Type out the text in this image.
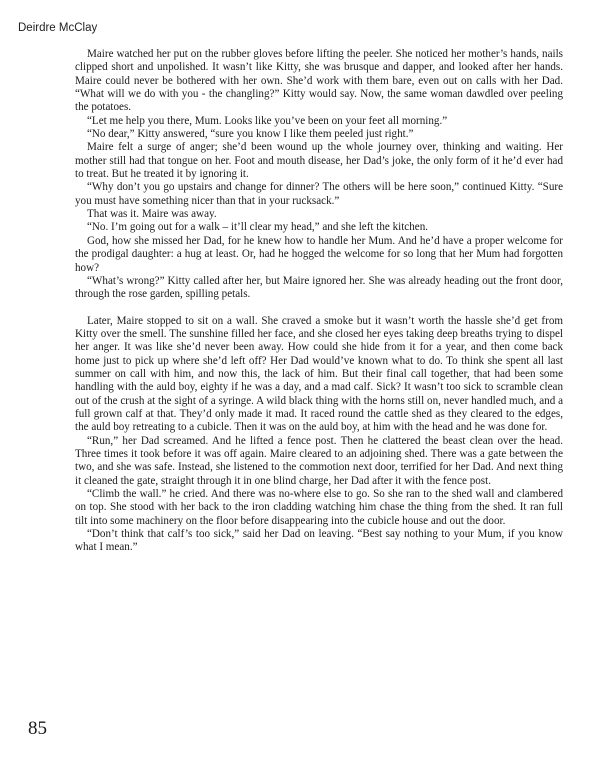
Deirdre McClay

Maire watched her put on the rubber gloves before lifting the peeler. She noticed her mother’s hands, nails clipped short and unpolished. It wasn’t like Kitty, she was brusque and dapper, and looked after her hands. Maire could never be bothered with her own. She’d work with them bare, even out on calls with her Dad. “What will we do with you - the changling?” Kitty would say. Now, the same woman dawdled over peeling the potatoes.

“Let me help you there, Mum. Looks like you’ve been on your feet all morning.”

“No dear,” Kitty answered, “sure you know I like them peeled just right.”

Maire felt a surge of anger; she’d been wound up the whole journey over, thinking and waiting. Her mother still had that tongue on her. Foot and mouth disease, her Dad’s joke, the only form of it he’d ever had to treat. But he treated it by ignoring it.

“Why don’t you go upstairs and change for dinner? The others will be here soon,” continued Kitty. “Sure you must have something nicer than that in your rucksack.”

That was it. Maire was away.

“No. I’m going out for a walk – it’ll clear my head,” and she left the kitchen.

God, how she missed her Dad, for he knew how to handle her Mum. And he’d have a proper welcome for the prodigal daughter: a hug at least. Or, had he hogged the welcome for so long that her Mum had forgotten how?

“What’s wrong?” Kitty called after her, but Maire ignored her. She was already heading out the front door, through the rose garden, spilling petals.

Later, Maire stopped to sit on a wall. She craved a smoke but it wasn’t worth the hassle she’d get from Kitty over the smell. The sunshine filled her face, and she closed her eyes taking deep breaths trying to dispel her anger. It was like she’d never been away. How could she hide from it for a year, and then come back home just to pick up where she’d left off? Her Dad would’ve known what to do. To think she spent all last summer on call with him, and now this, the lack of him. But their final call together, that had been some handling with the auld boy, eighty if he was a day, and a mad calf. Sick? It wasn’t too sick to scramble clean out of the crush at the sight of a syringe. A wild black thing with the horns still on, never handled much, and a full grown calf at that. They’d only made it mad. It raced round the cattle shed as they cleared to the edges, the auld boy retreating to a cubicle. Then it was on the auld boy, at him with the head and he was done for.

“Run,” her Dad screamed. And he lifted a fence post. Then he clattered the beast clean over the head. Three times it took before it was off again. Maire cleared to an adjoining shed. There was a gate between the two, and she was safe. Instead, she listened to the commotion next door, terrified for her Dad. And next thing it cleaned the gate, straight through it in one blind charge, her Dad after it with the fence post.

“Climb the wall.” he cried. And there was no-where else to go. So she ran to the shed wall and clambered on top. She stood with her back to the iron cladding watching him chase the thing from the shed. It ran full tilt into some machinery on the floor before disappearing into the cubicle house and out the door.

“Don’t think that calf’s too sick,” said her Dad on leaving. “Best say nothing to your Mum, if you know what I mean.”

85
